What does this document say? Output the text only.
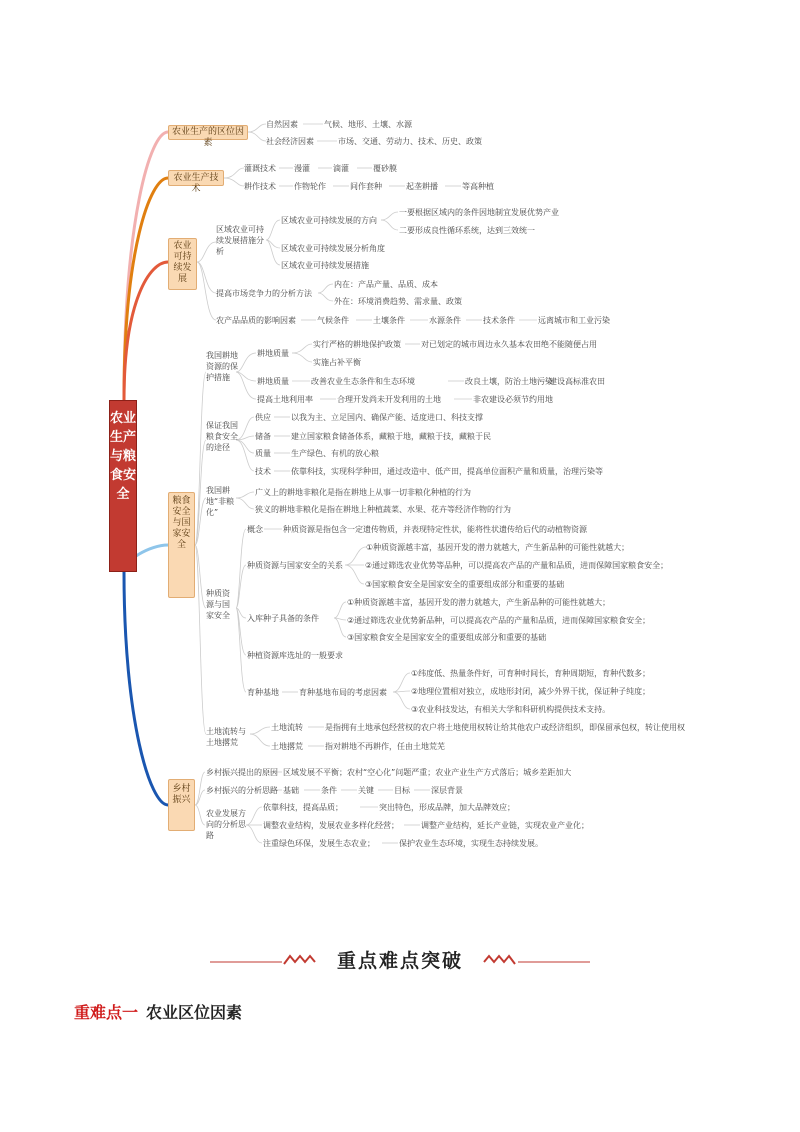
农业生产与粮食安全
农业生产的区位因素
自然因素	气候、地形、土壤、水源
社会经济因素	市场、交通、劳动力、技术、历史、政策
农业生产技术
灌溉技术 漫灌	滴灌	覆砂膜
耕作技术 作物轮作	间作套种	起垄耕播	等高种植
农业可持续发展
区域农业可持续发展措施分析
区域农业可持续发展的方向
一要根据区域内的条件因地制宜发展优势产业
二要形成良性循环系统，达到三效统一
区域农业可持续发展分析角度
区域农业可持续发展措施
提高市场竞争力的分析方法
内在：产品产量、品质、成本
外在：环境消费趋势、需求量、政策
农产品品质的影响因素	气候条件	土壤条件	水源条件	技术条件	远离城市和工业污染
粮食安全与国家安全
我国耕地资源的保护措施
耕地质量
实行严格的耕地保护政策	对已划定的城市周边永久基本农田绝不能随便占用
实施占补平衡
耕地质量	改善农业生态条件和生态环境	改良土壤，防治土地污染
建设高标准农田
提高土地利用率	合理开发尚未开发利用的土地	非农建设必须节约用地
保证我国粮食安全的途径
供应	以我为主、立足国内、确保产能、适度进口、科技支撑
储备	建立国家粮食储备体系，藏粮于地，藏粮于技，藏粮于民
质量	生产绿色、有机的放心粮
技术	依靠科技，实现科学种田，通过改造中、低产田，提高单位面积产量和质量，治理污染等
我国耕地“非粮化”
广义上的耕地非粮化是指在耕地上从事一切非粮化种植的行为
狭义的耕地非粮化是指在耕地上种植蔬菜、水果、花卉等经济作物的行为
种质资源与国家安全
概念	种质资源是指包含一定遗传物质，并表现特定性状，能将性状遗传给后代的动植物资源
种质资源与国家安全的关系
①种质资源越丰富，基因开发的潜力就越大，产生新品种的可能性就越大；
②通过筛选农业优势等品种，可以提高农产品的产量和品质，进而保障国家粮食安全；
③国家粮食安全是国家安全的重要组成部分和重要的基础
入库种子具备的条件
①种质资源越丰富，基因开发的潜力就越大，产生新品种的可能性就越大；
②通过筛选农业优势新品种，可以提高农产品的产量和品质，进而保障国家粮食安全；
③国家粮食安全是国家安全的重要组成部分和重要的基础
种植资源库选址的一般要求
育种基地	育种基地布局的考虑因素
①纬度低、热量条件好，可育种时间长，育种周期短，育种代数多；
②地理位置相对独立，成地形封闭，减少外界干扰，保证种子纯度；
③农业科技发达，有相关大学和科研机构提供技术支持。
土地流转与土地撂荒
土地流转	是指拥有土地承包经营权的农户将土地使用权转让给其他农户或经济组织，即保留承包权，转让使用权
土地撂荒	指对耕地不再耕作，任由土地荒芜
乡村振兴
乡村振兴提出的原因 区域发展不平衡；农村“空心化”问题严重；农业产业生产方式落后；城乡差距加大
乡村振兴的分析思路 基础	条件	关键	目标	深层背景
农业发展方向的分析思路
依靠科技，提高品质；	突出特色，形成品牌，加大品牌效应；
调整农业结构，发展农业多样化经营；	调整产业结构，延长产业链，实现农业产业化；
注重绿色环保，发展生态农业；	保护农业生态环境，实现生态持续发展。
重点难点突破
重难点一 农业区位因素
